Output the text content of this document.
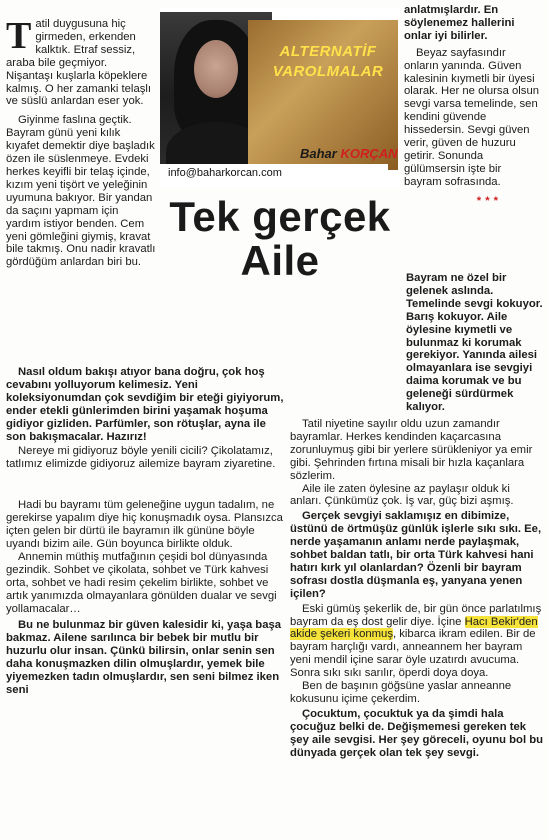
ALTERNATİF VAROLMALAR
Bahar KORÇAN
info@baharkorcan.com
Tek gerçek
Aile

Tatil duygusuna hiç girmeden, erkenden kalktık. Etraf sessiz, araba bile geçmiyor. Nişantaşı kuşlarla köpeklere kalmış. O her zamanki telaşlı ve süslü anlardan eser yok.

Giyinme faslına geçtik. Bayram günü yeni kılık kıyafet demektir diye başladık özen ile süslenmeye. Evdeki herkes keyifli bir telaş içinde, kızım yeni tişört ve yeleğinin uyumuna bakıyor. Bir yandan da saçını yapmam için yardım istiyor benden. Cem yeni gömleğini giymiş, kravat bile takmış. Onu nadir kravatlı gördüğüm anlardan biri bu.

Nasıl oldum bakışı atıyor bana doğru, çok hoş cevabını yolluyorum kelimesiz. Yeni koleksiyonumdan çok sevdiğim bir eteği giyiyorum, ender etekli günlerimden birini yaşamak hoşuma gidiyor gizliden. Parfümler, son rötuşlar, ayna ile son bakışmacalar. Hazırız!

Nereye mi gidiyoruz böyle yenili cicili? Çikolatamız, tatlımız elimizde gidiyoruz ailemize bayram ziyaretine.

Hadi bu bayramı tüm geleneğine uygun tadalım, ne gerekirse yapalım diye hiç konuşmadık oysa. Plansızca içten gelen bir dürtü ile bayramın ilk gününe böyle uyandı bizim aile. Gün boyunca birlikte olduk.

Annemin müthiş mutfağının çeşidi bol dünyasında gezindik. Sohbet ve çikolata, sohbet ve Türk kahvesi orta, sohbet ve hadi resim çekelim birlikte, sohbet ve artık yanımızda olmayanlara gönülden dualar ve sevgi yollamacalar…

Bu ne bulunmaz bir güven kalesidir ki, yaşa başa bakmaz. Ailene sarılınca bir bebek bir mutlu bir huzurlu olur insan. Çünkü bilirsin, onlar senin sen daha konuşmazken dilin olmuşlardır, yemek bile yiyemezken tadın olmuşlardır, sen seni bilmez iken seni

anlatmışlardır. En söylenemez hallerini onlar iyi bilirler.

Beyaz sayfasındır onların yanında. Güven kalesinin kıymetli bir üyesi olarak. Her ne olursa olsun sevgi varsa temelinde, sen kendini güvende hissedersin. Sevgi güven verir, güven de huzuru getirir. Sonunda gülümsersin işte bir bayram sofrasında.

***

Bayram ne özel bir gelenek aslında. Temelinde sevgi kokuyor. Barış kokuyor. Aile öylesine kıymetli ve bulunmaz ki korumak gerekiyor. Yanında ailesi olmayanlara ise sevgiyi daima korumak ve bu geleneği sürdürmek kalıyor.

Tatil niyetine sayılır oldu uzun zamandır bayramlar. Herkes kendinden kaçarcasına zorunluymuş gibi bir yerlere sürükleniyor ya emir gibi. Şehrinden fırtına misali bir hızla kaçanlara sözlerim.

Aile ile zaten öylesine az paylaşır olduk ki anları. Çünkümüz çok. İş var, güç bizi aşmış.

Gerçek sevgiyi saklamışız en dibimize, üstünü de örtmüşüz günlük işlerle sıkı sıkı. Ee, nerde yaşamanın anlamı nerde paylaşmak, sohbet baldan tatlı, bir orta Türk kahvesi hani hatırı kırk yıl olanlardan? Özenli bir bayram sofrası dostla düşmanla eş, yanyana yenen içilen?

Eski gümüş şekerlik de, bir gün önce parlatılmış bayram da eş dost gelir diye. İçine Hacı Bekir'den akide şekeri konmuş, kibarca ikram edilen. Bir de bayram harçlığı vardı, anneannem her bayram yeni mendil içine sarar öyle uzatırdı avucuma. Sonra sıkı sıkı sarılır, öperdi doya doya.

Ben de başının göğsüne yaslar anneanne kokusunu içime çekerdim.

Çocuktum, çocuktuk ya da şimdi hala çocuğuz belki de. Değişmemesi gereken tek şey aile sevgisi. Her şey göreceli, oyunu bol bu dünyada gerçek olan tek şey sevgi.
